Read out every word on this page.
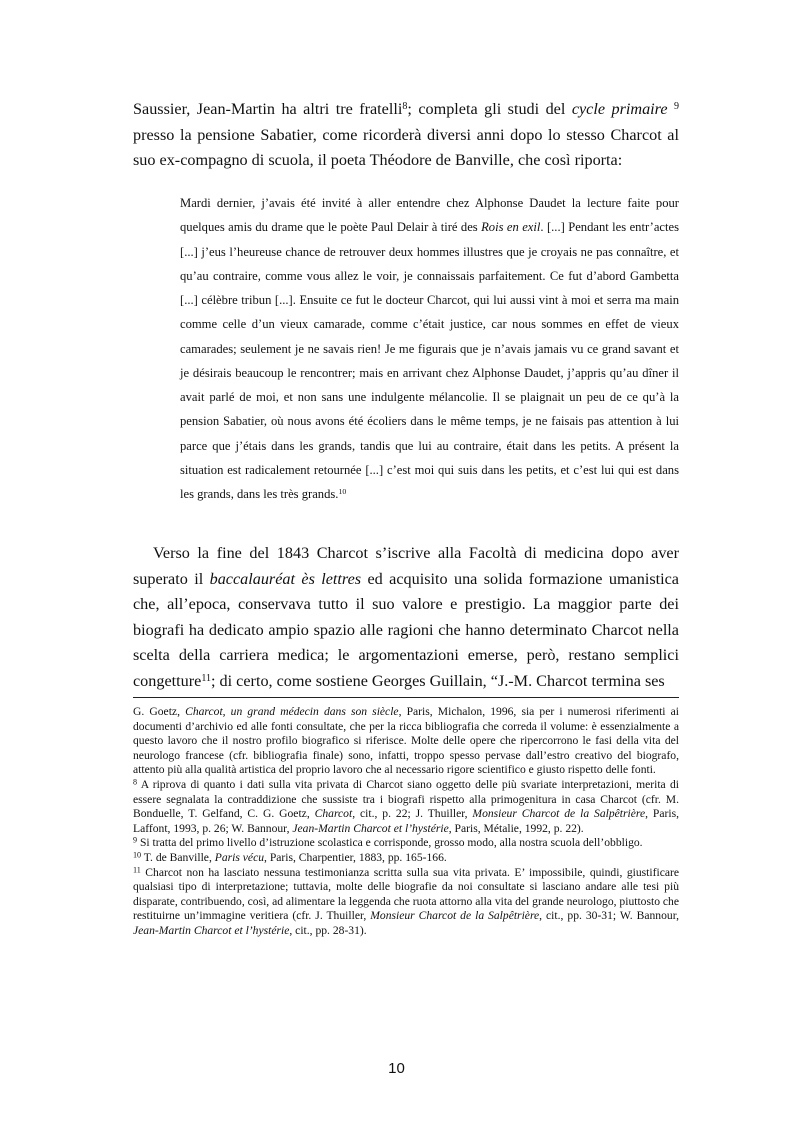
Saussier, Jean-Martin ha altri tre fratelli$^8$; completa gli studi del cycle primaire $^9$ presso la pensione Sabatier, come ricorderà diversi anni dopo lo stesso Charcot al suo ex-compagno di scuola, il poeta Théodore de Banville, che così riporta:

Mardi dernier, j’avais été invité à aller entendre chez Alphonse Daudet la lecture faite pour quelques amis du drame que le poète Paul Delair à tiré des Rois en exil. [...] Pendant les entr’actes [...] j’eus l’heureuse chance de retrouver deux hommes illustres que je croyais ne pas connaître, et qu’au contraire, comme vous allez le voir, je connaissais parfaitement. Ce fut d’abord Gambetta [...] célèbre tribun [...]. Ensuite ce fut le docteur Charcot, qui lui aussi vint à moi et serra ma main comme celle d’un vieux camarade, comme c’était justice, car nous sommes en effet de vieux camarades; seulement je ne savais rien! Je me figurais que je n’avais jamais vu ce grand savant et je désirais beaucoup le rencontrer; mais en arrivant chez Alphonse Daudet, j’appris qu’au dîner il avait parlé de moi, et non sans une indulgente mélancolie. Il se plaignait un peu de ce qu’à la pension Sabatier, où nous avons été écoliers dans le même temps, je ne faisais pas attention à lui parce que j’étais dans les grands, tandis que lui au contraire, était dans les petits. A présent la situation est radicalement retournée [...] c’est moi qui suis dans les petits, et c’est lui qui est dans les grands, dans les très grands.$^{10}$

Verso la fine del 1843 Charcot s’iscrive alla Facoltà di medicina dopo aver superato il baccalauréat ès lettres ed acquisito una solida formazione umanistica che, all’epoca, conservava tutto il suo valore e prestigio. La maggior parte dei biografi ha dedicato ampio spazio alle ragioni che hanno determinato Charcot nella scelta della carriera medica; le argomentazioni emerse, però, restano semplici congetture$^{11}$; di certo, come sostiene Georges Guillain, “J.-M. Charcot termina ses

G. Goetz, Charcot, un grand médecin dans son siècle, Paris, Michalon, 1996, sia per i numerosi riferimenti ai documenti d’archivio ed alle fonti consultate, che per la ricca bibliografia che correda il volume: è essenzialmente a questo lavoro che il nostro profilo biografico si riferisce. Molte delle opere che ripercorrono le fasi della vita del neurologo francese (cfr. bibliografia finale) sono, infatti, troppo spesso pervase dall’estro creativo del biografo, attento più alla qualità artistica del proprio lavoro che al necessario rigore scientifico e giusto rispetto delle fonti.

$^8$ A riprova di quanto i dati sulla vita privata di Charcot siano oggetto delle più svariate interpretazioni, merita di essere segnalata la contraddizione che sussiste tra i biografi rispetto alla primogenitura in casa Charcot (cfr. M. Bonduelle, T. Gelfand, C. G. Goetz, Charcot, cit., p. 22; J. Thuiller, Monsieur Charcot de la Salpêtrière, Paris, Laffont, 1993, p. 26; W. Bannour, Jean-Martin Charcot et l’hystérie, Paris, Métalie, 1992, p. 22).

$^9$ Si tratta del primo livello d’istruzione scolastica e corrisponde, grosso modo, alla nostra scuola dell’obbligo.

$^{10}$ T. de Banville, Paris vécu, Paris, Charpentier, 1883, pp. 165-166.

$^{11}$ Charcot non ha lasciato nessuna testimonianza scritta sulla sua vita privata. E’ impossibile, quindi, giustificare qualsiasi tipo di interpretazione; tuttavia, molte delle biografie da noi consultate si lasciano andare alle tesi più disparate, contribuendo, così, ad alimentare la leggenda che ruota attorno alla vita del grande neurologo, piuttosto che restituirne un’immagine veritiera (cfr. J. Thuiller, Monsieur Charcot de la Salpêtrière, cit., pp. 30-31; W. Bannour, Jean-Martin Charcot et l’hystérie, cit., pp. 28-31).

10
